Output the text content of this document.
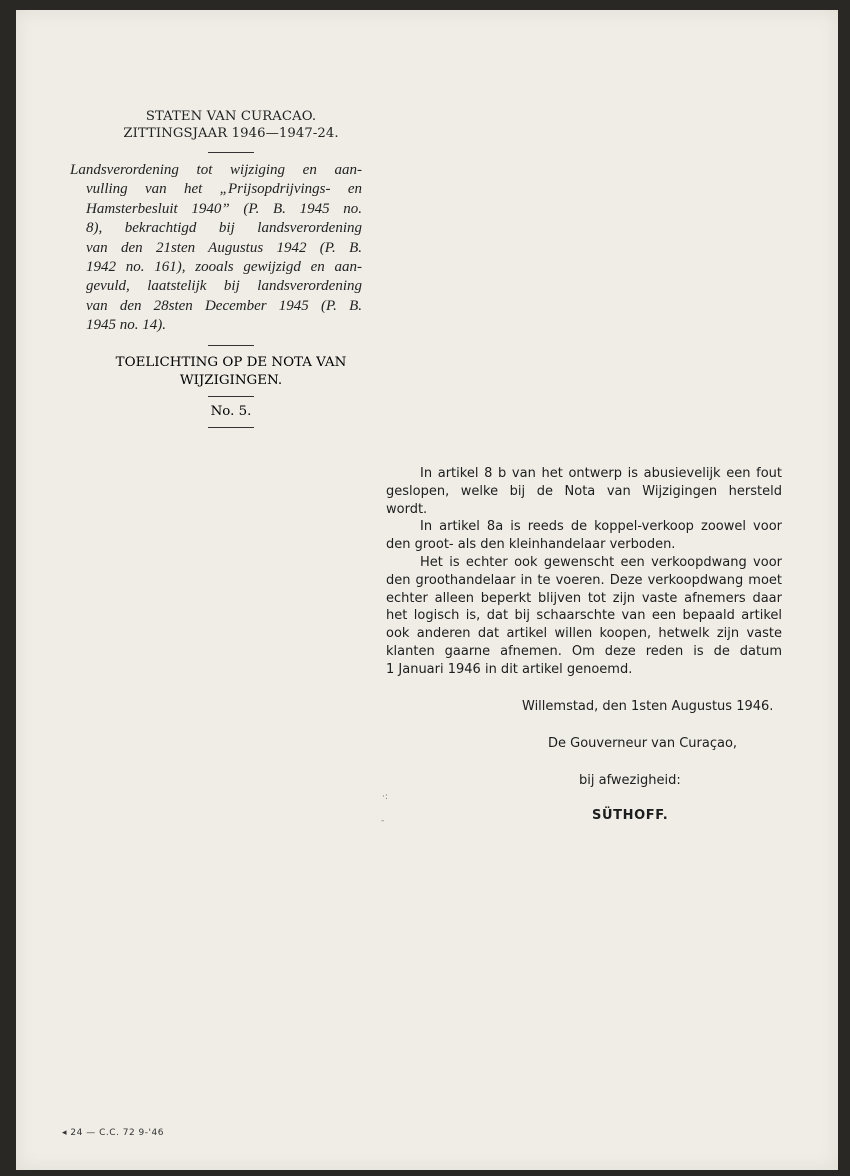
STATEN VAN CURACAO.
ZITTINGSJAAR 1946—1947-24.
Landsverordening tot wijziging en aan-
vulling van het „Prijsopdrijvings- en
Hamsterbesluit 1940” (P. B. 1945 no.
8), bekrachtigd bij landsverordening
van den 21sten Augustus 1942 (P. B.
1942 no. 161), zooals gewijzigd en aan-
gevuld, laatstelijk bij landsverordening
van den 28sten December 1945 (P. B.
1945 no. 14).
TOELICHTING OP DE NOTA VAN
WIJZIGINGEN.
No. 5.
In artikel 8 b van het ontwerp is abusievelijk een fout
geslopen, welke bij de Nota van Wijzigingen hersteld
wordt.
In artikel 8a is reeds de koppel-verkoop zoowel voor
den groot- als den kleinhandelaar verboden.
Het is echter ook gewenscht een verkoopdwang voor
den groothandelaar in te voeren. Deze verkoopdwang moet
echter alleen beperkt blijven tot zijn vaste afnemers daar
het logisch is, dat bij schaarschte van een bepaald artikel
ook anderen dat artikel willen koopen, hetwelk zijn vaste
klanten gaarne afnemen. Om deze reden is de datum
1 Januari 1946 in dit artikel genoemd.
Willemstad, den 1sten Augustus 1946.
De Gouverneur van Curaçao,
bij afwezigheid:
SÜTHOFF.
·:
-
◂ 24 — C.C. 72 9-'46
